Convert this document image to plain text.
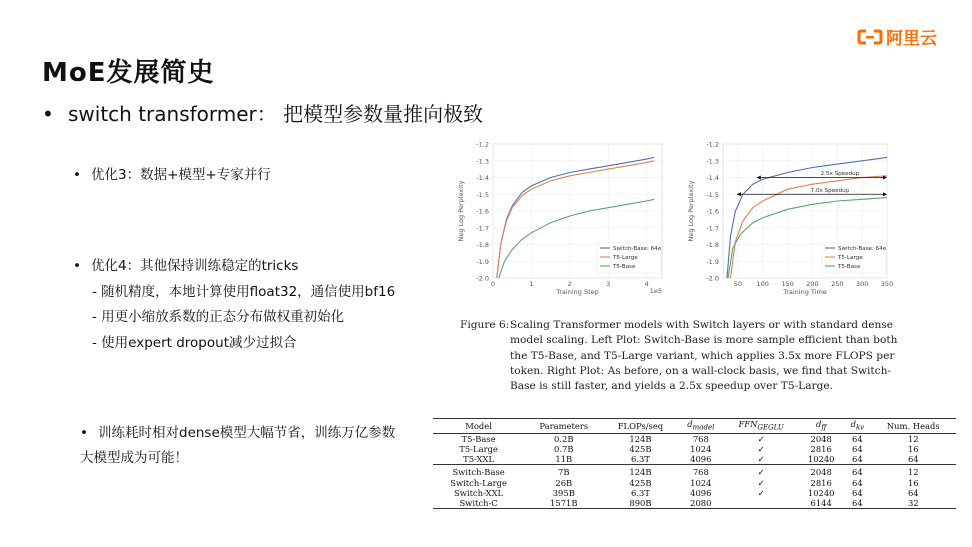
阿里云
MoE发展简史
• switch transformer： 把模型参数量推向极致
• 优化3：数据+模型+专家并行
• 优化4：其他保持训练稳定的tricks
- 随机精度，本地计算使用float32，通信使用bf16
- 用更小缩放系数的正态分布做权重初始化
- 使用expert dropout减少过拟合
• 训练耗时相对dense模型大幅节省，训练万亿参数
大模型成为可能！
-1.2
-1.3
-1.4
-1.5
-1.6
-1.7
-1.8
-1.9
-2.0
0	1	2	3	4
Training Step
Neg Log Perplexity
1e5
Switch-Base: 64e
T5-Large
T5-Base
-1.2
-1.3
-1.4
-1.5
-1.6
-1.7
-1.8
-1.9
-2.0
50 100 150 200 250 300 350
Training Time
Neg Log Perplexity
2.5x Speedup
7.0x Speedup
Switch-Base: 64e
T5-Large
T5-Base
Figure 6: Scaling Transformer models with Switch layers or with standard dense model scaling. Left Plot: Switch-Base is more sample efficient than both the T5-Base, and T5-Large variant, which applies 3.5x more FLOPS per token. Right Plot: As before, on a wall-clock basis, we find that Switch-Base is still faster, and yields a 2.5x speedup over T5-Large.
Model	Parameters	FLOPs/seq	$d_{model}$	$FFN_{GEGLU}$	$d_{ff}$	$d_{kv}$	Num. Heads
T5-Base	0.2B	124B	768	✓	2048	64	12
T5-Large	0.7B	425B	1024	✓	2816	64	16
T5-XXL	11B	6.3T	4096	✓	10240	64	64
Switch-Base	7B	124B	768	✓	2048	64	12
Switch-Large	26B	425B	1024	✓	2816	64	16
Switch-XXL	395B	6.3T	4096	✓	10240	64	64
Switch-C	1571B	890B	2080		6144	64	32
